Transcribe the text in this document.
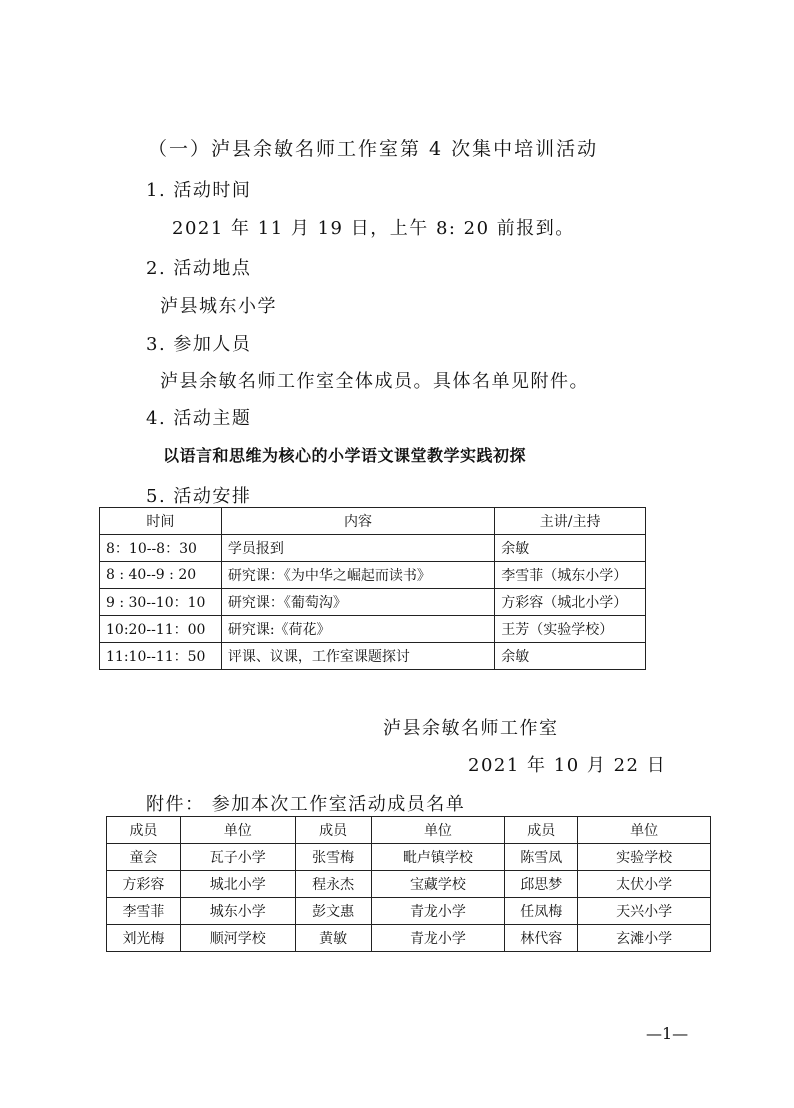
（一）泸县余敏名师工作室第 4 次集中培训活动
1. 活动时间
2021 年 11 月 19 日，上午 8: 20 前报到。
2. 活动地点
泸县城东小学
3. 参加人员
泸县余敏名师工作室全体成员。具体名单见附件。
4. 活动主题
以语言和思维为核心的小学语文课堂教学实践初探
5. 活动安排
时间	内容	主讲/主持
8：10--8：30	学员报到	余敏
8 : 40--9 : 20	研究课：《为中华之崛起而读书》	李雪菲（城东小学）
9 : 30--10：10	研究课：《葡萄沟》	方彩容（城北小学）
10:20--11：00	研究课:《荷花》	王芳（实验学校）
11:10--11：50	评课、议课，工作室课题探讨	余敏
泸县余敏名师工作室
2021 年 10 月 22 日
附件： 参加本次工作室活动成员名单
成员	单位	成员	单位	成员	单位
童会	瓦子小学	张雪梅	毗卢镇学校	陈雪凤	实验学校
方彩容	城北小学	程永杰	宝藏学校	邱思梦	太伏小学
李雪菲	城东小学	彭文惠	青龙小学	任凤梅	天兴小学
刘光梅	顺河学校	黄敏	青龙小学	林代容	玄滩小学
—1—
